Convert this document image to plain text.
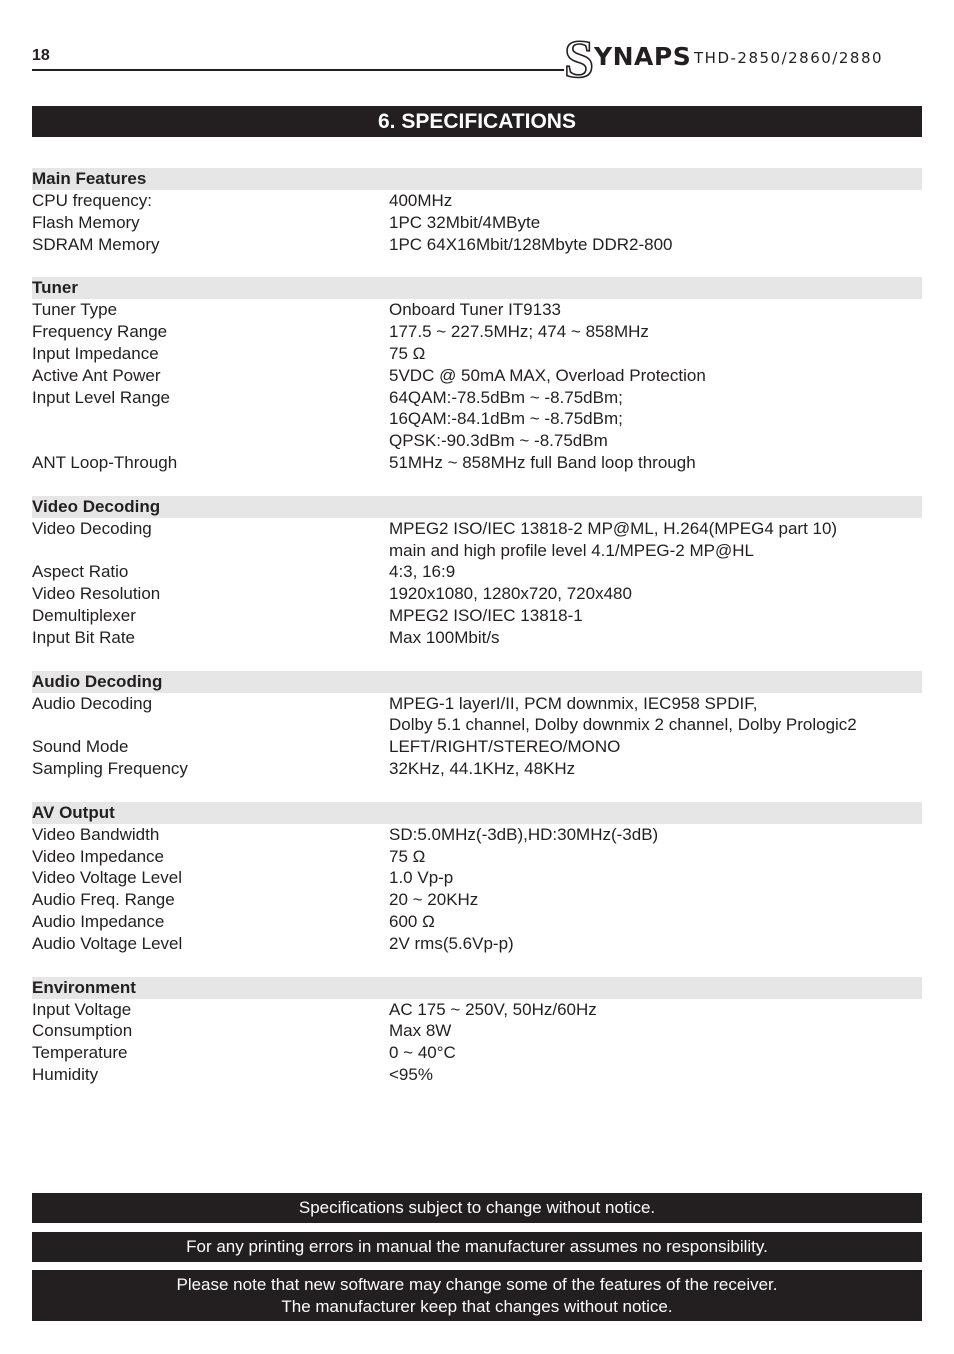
18	S YNAPS THD-2850/2860/2880
6. SPECIFICATIONS
Main Features
CPU frequency:	400MHz
Flash Memory	1PC 32Mbit/4MByte
SDRAM Memory	1PC 64X16Mbit/128Mbyte DDR2-800
Tuner
Tuner Type	Onboard Tuner IT9133
Frequency Range	177.5 ~ 227.5MHz; 474 ~ 858MHz
Input Impedance	75 Ω
Active Ant Power	5VDC @ 50mA MAX, Overload Protection
Input Level Range	64QAM:-78.5dBm ~ -8.75dBm;
16QAM:-84.1dBm ~ -8.75dBm;
QPSK:-90.3dBm ~ -8.75dBm
ANT Loop-Through	51MHz ~ 858MHz full Band loop through
Video Decoding
Video Decoding	MPEG2 ISO/IEC 13818-2 MP@ML, H.264(MPEG4 part 10)
main and high profile level 4.1/MPEG-2 MP@HL
Aspect Ratio	4:3, 16:9
Video Resolution	1920x1080, 1280x720, 720x480
Demultiplexer	MPEG2 ISO/IEC 13818-1
Input Bit Rate	Max 100Mbit/s
Audio Decoding
Audio Decoding	MPEG-1 layerI/II, PCM downmix, IEC958 SPDIF,
Dolby 5.1 channel, Dolby downmix 2 channel, Dolby Prologic2
Sound Mode	LEFT/RIGHT/STEREO/MONO
Sampling Frequency	32KHz, 44.1KHz, 48KHz
AV Output
Video Bandwidth	SD:5.0MHz(-3dB),HD:30MHz(-3dB)
Video Impedance	75 Ω
Video Voltage Level	1.0 Vp-p
Audio Freq. Range	20 ~ 20KHz
Audio Impedance	600 Ω
Audio Voltage Level	2V rms(5.6Vp-p)
Environment
Input Voltage	AC 175 ~ 250V, 50Hz/60Hz
Consumption	Max 8W
Temperature	0 ~ 40°C
Humidity	<95%
Specifications subject to change without notice.
For any printing errors in manual the manufacturer assumes no responsibility.
Please note that new software may change some of the features of the receiver.
The manufacturer keep that changes without notice.
